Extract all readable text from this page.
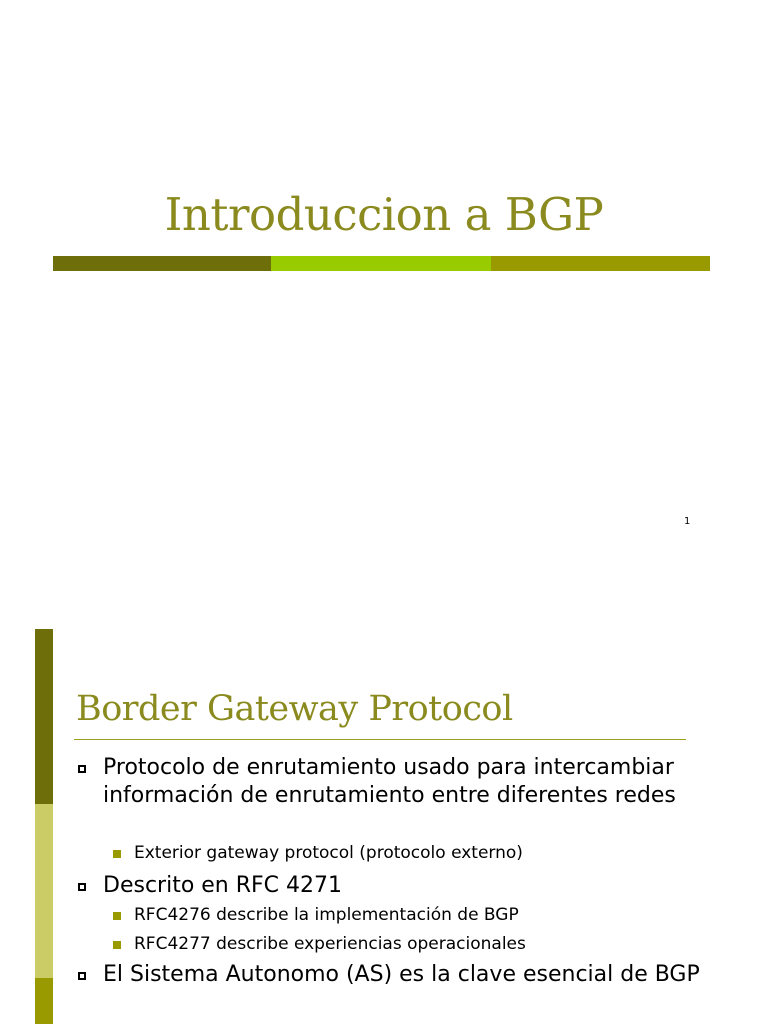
Introduccion a BGP
1
Border Gateway Protocol
Protocolo de enrutamiento usado para intercambiar información de enrutamiento entre diferentes redes
Exterior gateway protocol (protocolo externo)
Descrito en RFC 4271
RFC4276 describe la implementación de BGP
RFC4277 describe experiencias operacionales
El Sistema Autonomo (AS) es la clave esencial de BGP
